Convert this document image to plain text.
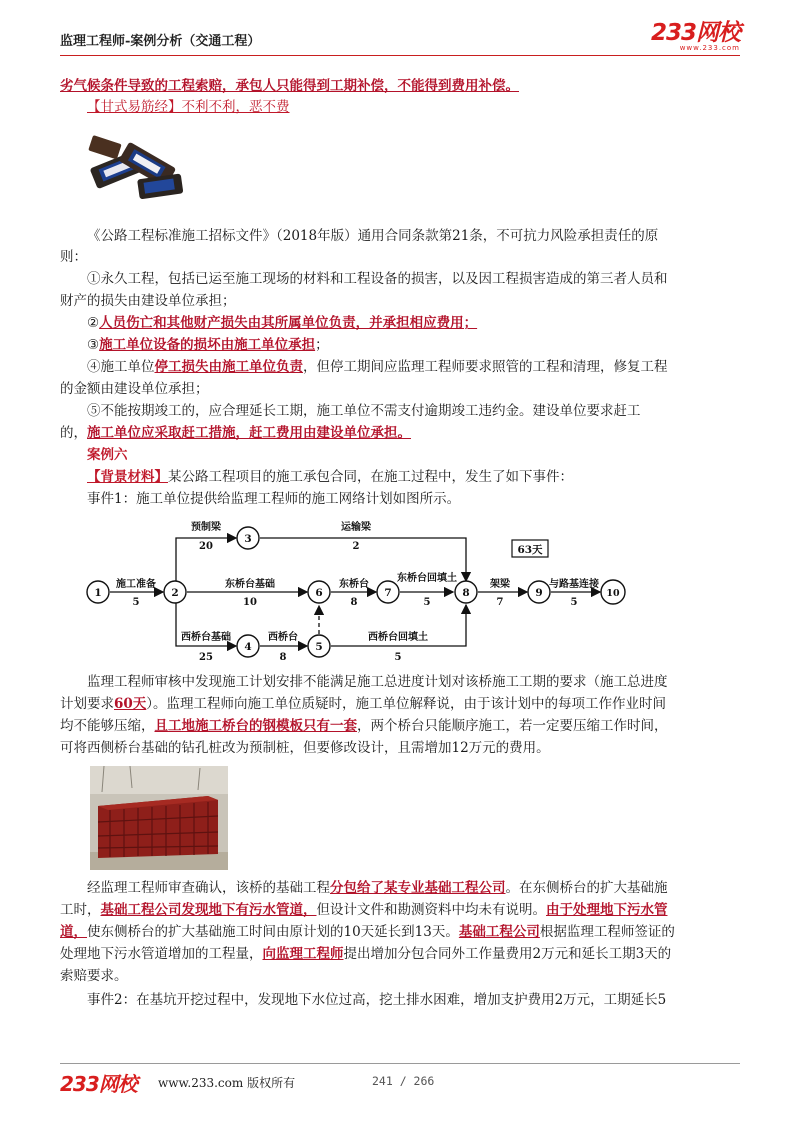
监理工程师-案例分析（交通工程）	233网校
www.233.com
劣气候条件导致的工程索赔，承包人只能得到工期补偿，不能得到费用补偿。
【甘式易筋经】不利不利，恶不费
《公路工程标准施工招标文件》（2018年版）通用合同条款第21条，不可抗力风险承担责任的原
则：
①永久工程，包括已运至施工现场的材料和工程设备的损害，以及因工程损害造成的第三者人员和
财产的损失由建设单位承担；
②人员伤亡和其他财产损失由其所属单位负责，并承担相应费用；
③施工单位设备的损坏由施工单位承担；
④施工单位停工损失由施工单位负责，但停工期间应监理工程师要求照管的工程和清理，修复工程
的金额由建设单位承担；
⑤不能按期竣工的，应合理延长工期，施工单位不需支付逾期竣工违约金。建设单位要求赶工
的，施工单位应采取赶工措施，赶工费用由建设单位承担。
案例六
【背景材料】某公路工程项目的施工承包合同，在施工过程中，发生了如下事件：
事件1：施工单位提供给监理工程师的施工网络计划如图所示。
1	2
3
4	5
6	7	8	9	10
施工准备
5
预制梁
20
运输梁
2
东桥台基础
10
东桥台
8
东桥台回填土
5
架梁
7
与路基连接
5
西桥台基础
25
西桥台
8
西桥台回填土
5
63天
监理工程师审核中发现施工计划安排不能满足施工总进度计划对该桥施工工期的要求（施工总进度
计划要求60天）。监理工程师向施工单位质疑时，施工单位解释说，由于该计划中的每项工作作业时间
均不能够压缩，且工地施工桥台的钢模板只有一套，两个桥台只能顺序施工，若一定要压缩工作时间，
可将西侧桥台基础的钻孔桩改为预制桩，但要修改设计，且需增加12万元的费用。
经监理工程师审查确认，该桥的基础工程分包给了某专业基础工程公司。在东侧桥台的扩大基础施
工时，基础工程公司发现地下有污水管道，但设计文件和勘测资料中均未有说明。由于处理地下污水管
道，使东侧桥台的扩大基础施工时间由原计划的10天延长到13天。基础工程公司根据监理工程师签证的
处理地下污水管道增加的工程量，向监理工程师提出增加分包合同外工作量费用2万元和延长工期3天的
索赔要求。
事件2：在基坑开挖过程中，发现地下水位过高，挖土排水困难，增加支护费用2万元，工期延长5
233网校 www.233.com 版权所有	241 / 266
